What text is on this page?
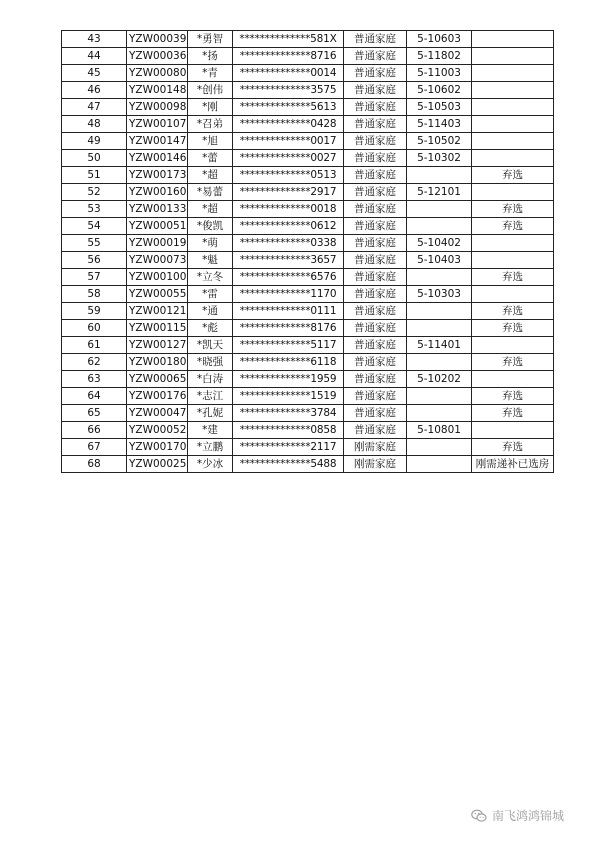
43	YZW00039	*勇智	**************581X	普通家庭	5-10603	
44	YZW00036	*扬	**************8716	普通家庭	5-11802	
45	YZW00080	*青	**************0014	普通家庭	5-11003	
46	YZW00148	*创伟	**************3575	普通家庭	5-10602	
47	YZW00098	*刚	**************5613	普通家庭	5-10503	
48	YZW00107	*召弟	**************0428	普通家庭	5-11403	
49	YZW00147	*旭	**************0017	普通家庭	5-10502	
50	YZW00146	*蕾	**************0027	普通家庭	5-10302	
51	YZW00173	*超	**************0513	普通家庭		弃选
52	YZW00160	*易蕾	**************2917	普通家庭	5-12101	
53	YZW00133	*超	**************0018	普通家庭		弃选
54	YZW00051	*俊凯	**************0612	普通家庭		弃选
55	YZW00019	*萌	**************0338	普通家庭	5-10402	
56	YZW00073	*魁	**************3657	普通家庭	5-10403	
57	YZW00100	*立冬	**************6576	普通家庭		弃选
58	YZW00055	*雷	**************1170	普通家庭	5-10303	
59	YZW00121	*通	**************0111	普通家庭		弃选
60	YZW00115	*彪	**************8176	普通家庭		弃选
61	YZW00127	*凯天	**************5117	普通家庭	5-11401	
62	YZW00180	*晓强	**************6118	普通家庭		弃选
63	YZW00065	*白涛	**************1959	普通家庭	5-10202	
64	YZW00176	*志江	**************1519	普通家庭		弃选
65	YZW00047	*孔妮	**************3784	普通家庭		弃选
66	YZW00052	*建	**************0858	普通家庭	5-10801	
67	YZW00170	*立鹏	**************2117	刚需家庭		弃选
68	YZW00025	*少冰	**************5488	刚需家庭		刚需递补已选房
南飞鸿鸿锦城
